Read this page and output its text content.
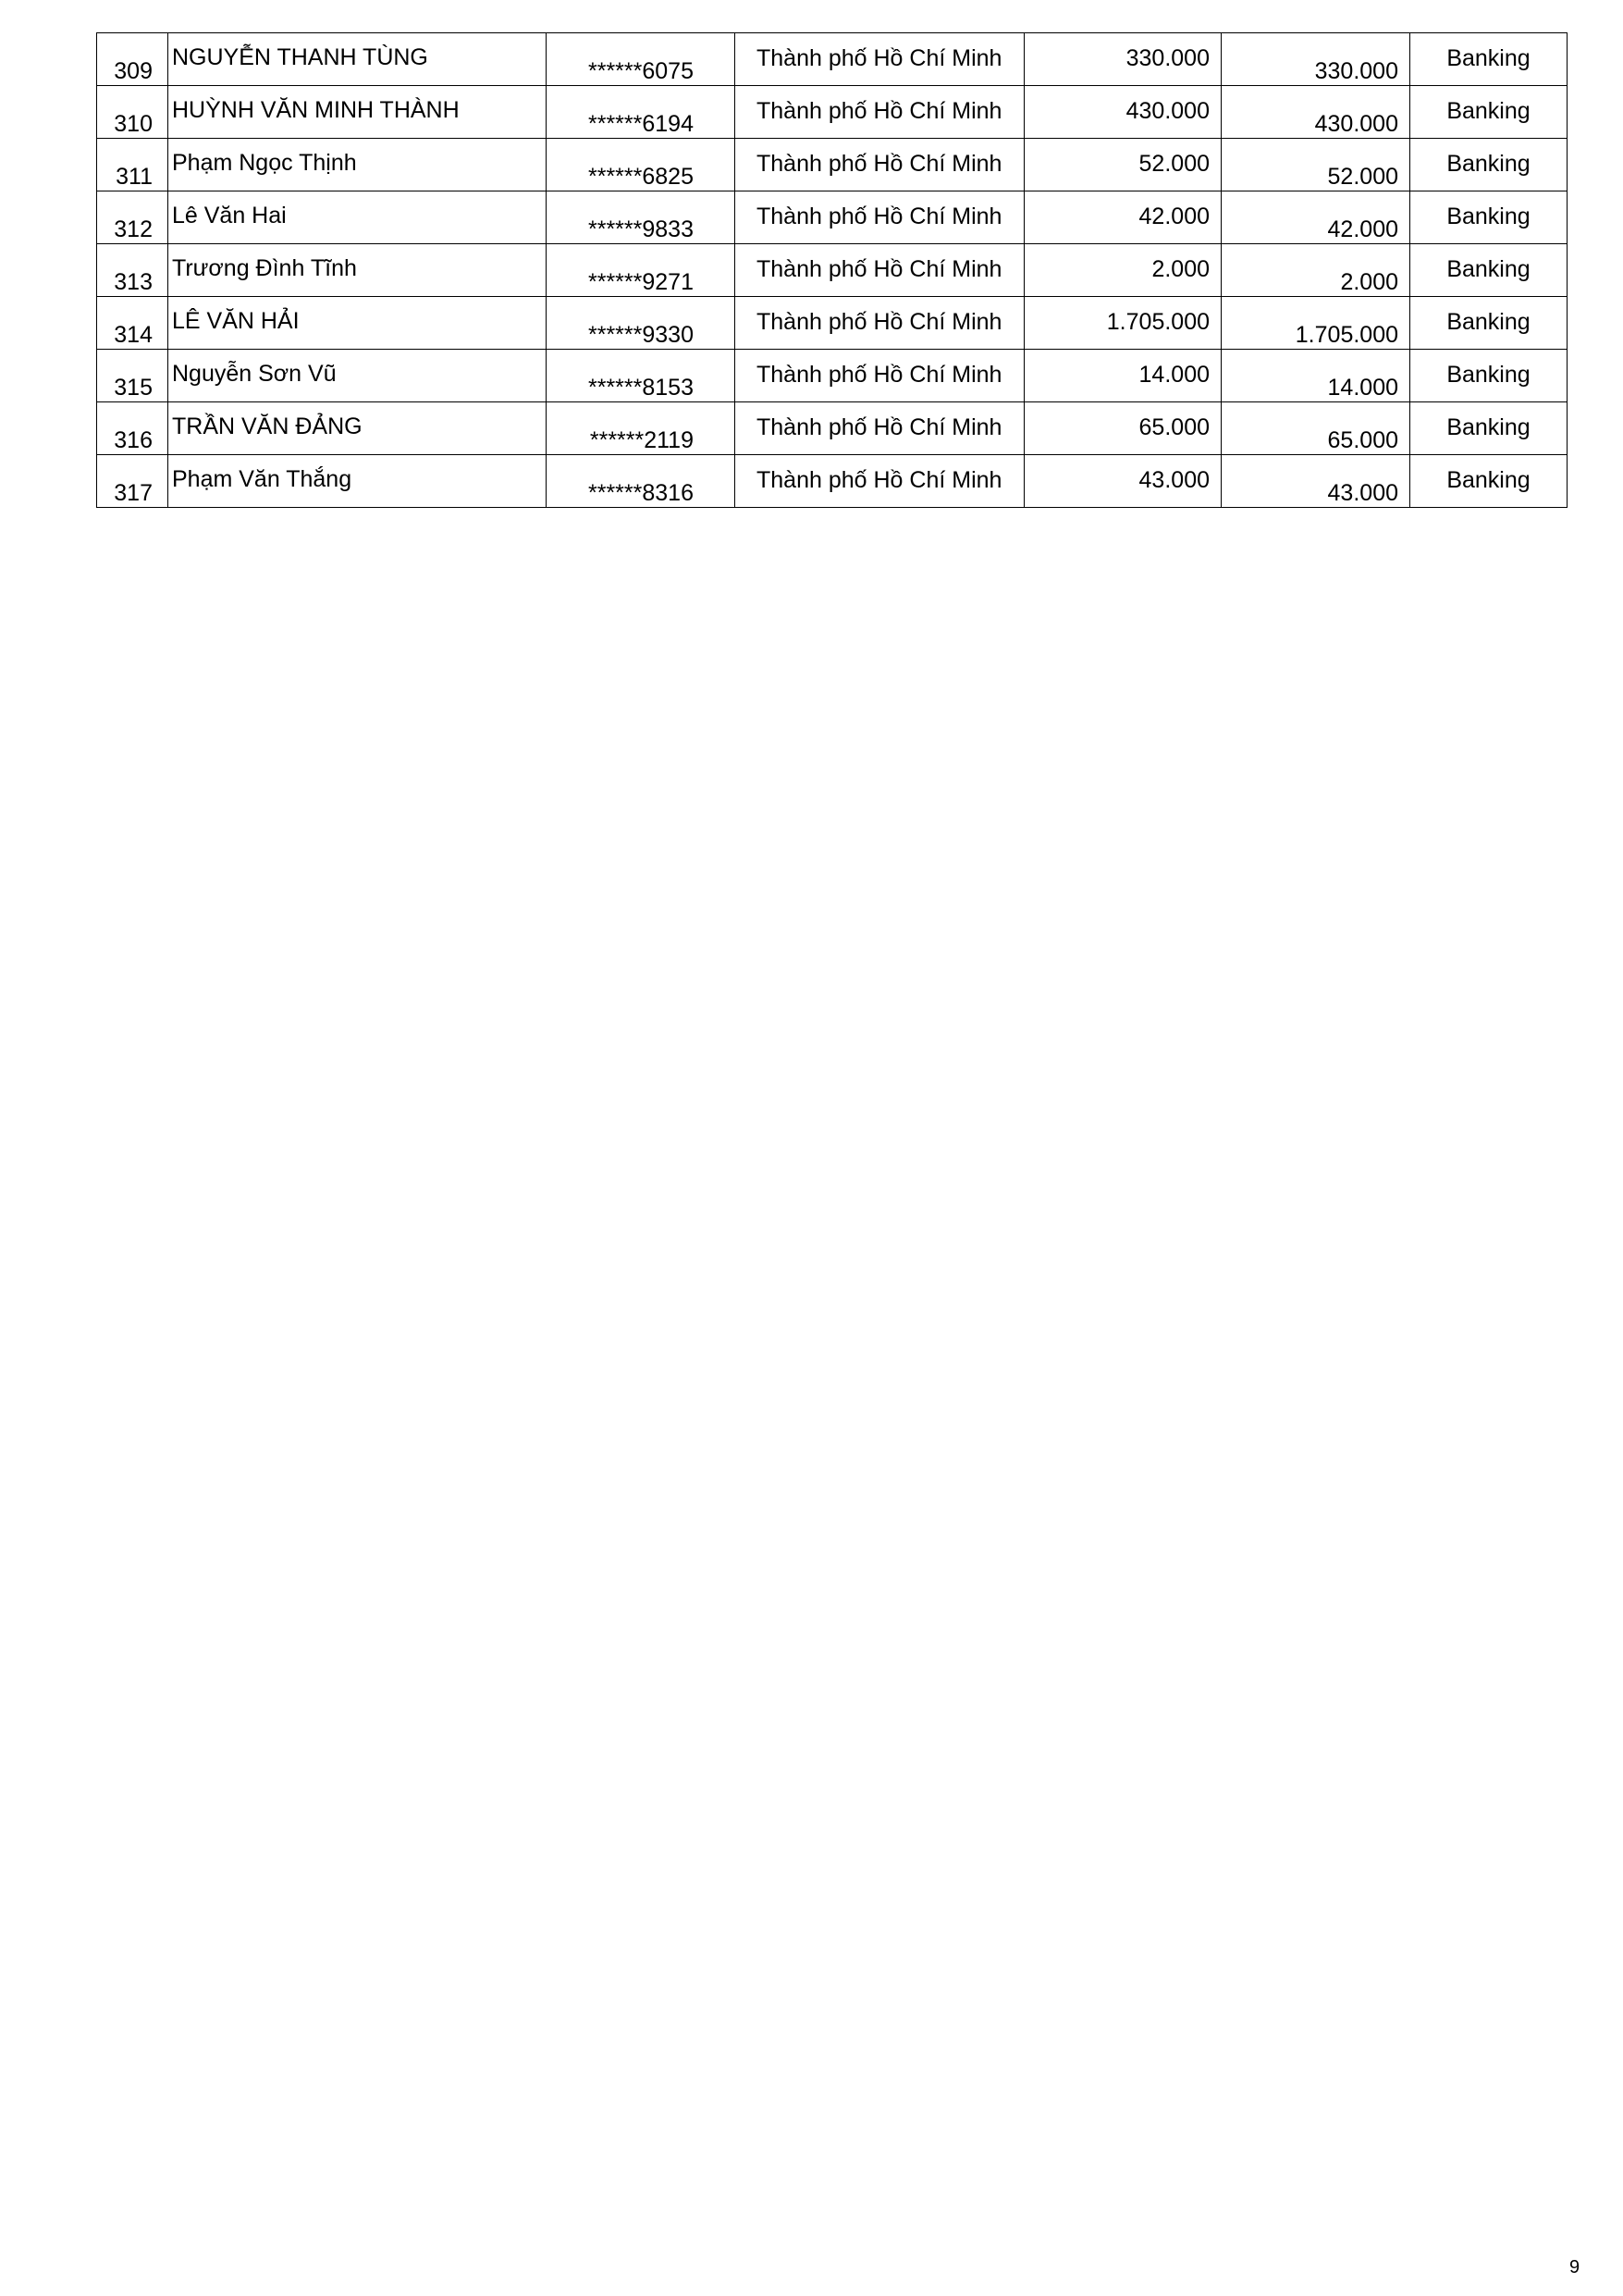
309	NGUYỄN THANH TÙNG	******6075	Thành phố Hồ Chí Minh	330.000	330.000	Banking

310	HUỲNH VĂN MINH THÀNH	******6194	Thành phố Hồ Chí Minh	430.000	430.000	Banking

311	Phạm Ngọc Thịnh	******6825	Thành phố Hồ Chí Minh	52.000	52.000	Banking

312	Lê Văn Hai	******9833	Thành phố Hồ Chí Minh	42.000	42.000	Banking

313	Trương Đình Tĩnh	******9271	Thành phố Hồ Chí Minh	2.000	2.000	Banking

314	LÊ VĂN HẢI	******9330	Thành phố Hồ Chí Minh	1.705.000	1.705.000	Banking

315	Nguyễn Sơn Vũ	******8153	Thành phố Hồ Chí Minh	14.000	14.000	Banking

316	TRẦN VĂN ĐẢNG	******2119	Thành phố Hồ Chí Minh	65.000	65.000	Banking

317	Phạm Văn Thắng	******8316	Thành phố Hồ Chí Minh	43.000	43.000	Banking
9
